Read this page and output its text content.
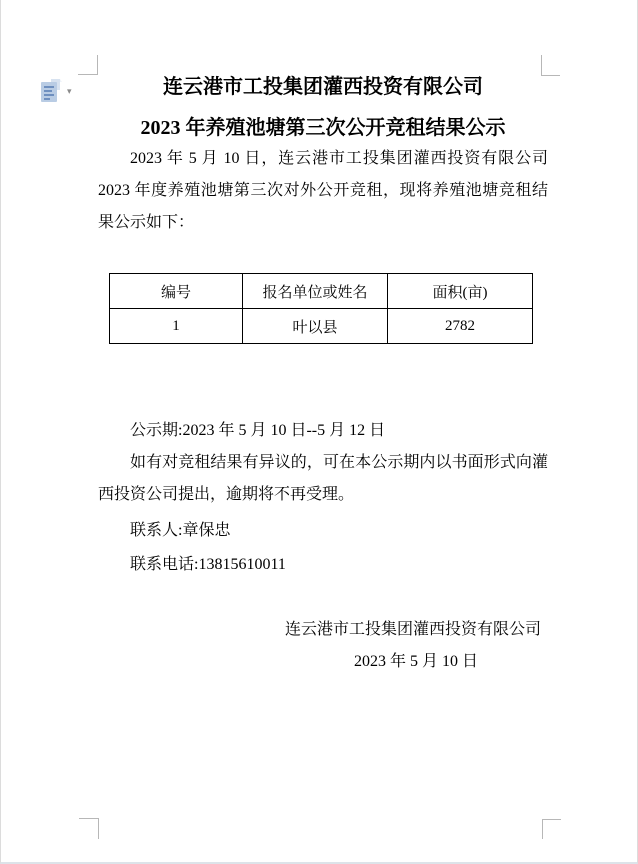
▾	连云港市工投集团灌西投资有限公司
2023 年养殖池塘第三次公开竞租结果公示
2023 年 5 月 10 日，连云港市工投集团灌西投资有限公司 2023 年度养殖池塘第三次对外公开竞租，现将养殖池塘竞租结果公示如下：
编号	报名单位或姓名	面积(亩)
1	叶以县	2782
公示期:2023 年 5 月 10 日--5 月 12 日
如有对竞租结果有异议的，可在本公示期内以书面形式向灌西投资公司提出，逾期将不再受理。
联系人:章保忠
联系电话:13815610011
连云港市工投集团灌西投资有限公司
2023 年 5 月 10 日
